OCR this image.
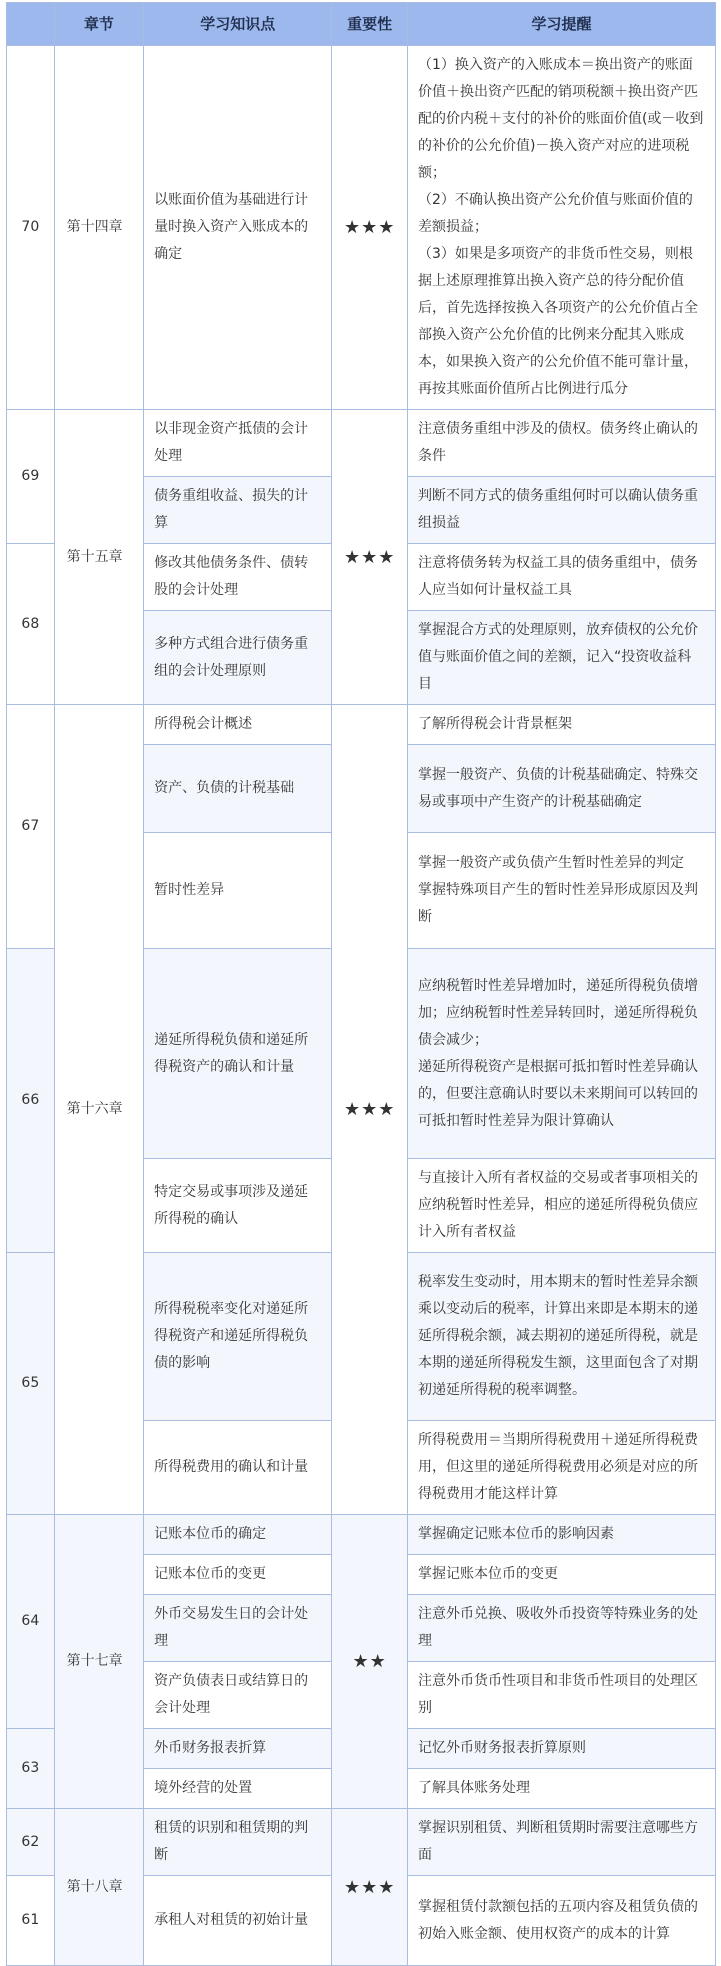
	章节	学习知识点	重要性	学习提醒
70	第十四章	以账面价值为基础进行计量时换入资产入账成本的确定	★★★	（1）换入资产的入账成本＝换出资产的账面价值＋换出资产匹配的销项税额＋换出资产匹配的价内税＋支付的补价的账面价值(或－收到的补价的公允价值)－换入资产对应的进项税额；
（2）不确认换出资产公允价值与账面价值的差额损益；
（3）如果是多项资产的非货币性交易，则根据上述原理推算出换入资产总的待分配价值后，首先选择按换入各项资产的公允价值占全部换入资产公允价值的比例来分配其入账成本，如果换入资产的公允价值不能可靠计量，再按其账面价值所占比例进行瓜分

69	第十五章	以非现金资产抵债的会计处理	★★★	注意债务重组中涉及的债权。债务终止确认的条件

		债务重组收益、损失的计算		判断不同方式的债务重组何时可以确认债务重组损益

68		修改其他债务条件、债转股的会计处理		注意将债务转为权益工具的债务重组中，债务人应当如何计量权益工具

		多种方式组合进行债务重组的会计处理原则		掌握混合方式的处理原则，放弃债权的公允价值与账面价值之间的差额，记入“投资收益科目

67	第十六章	所得税会计概述	★★★	了解所得税会计背景框架

		资产、负债的计税基础		掌握一般资产、负债的计税基础确定、特殊交易或事项中产生资产的计税基础确定

		暂时性差异		掌握一般资产或负债产生暂时性差异的判定
掌握特殊项目产生的暂时性差异形成原因及判断

66		递延所得税负债和递延所得税资产的确认和计量		应纳税暂时性差异增加时，递延所得税负债增加；应纳税暂时性差异转回时，递延所得税负债会减少；
递延所得税资产是根据可抵扣暂时性差异确认的，但要注意确认时要以未来期间可以转回的可抵扣暂时性差异为限计算确认

		特定交易或事项涉及递延所得税的确认		与直接计入所有者权益的交易或者事项相关的应纳税暂时性差异，相应的递延所得税负债应计入所有者权益

65		所得税税率变化对递延所得税资产和递延所得税负债的影响		税率发生变动时，用本期末的暂时性差异余额乘以变动后的税率，计算出来即是本期末的递延所得税余额，减去期初的递延所得税，就是本期的递延所得税发生额，这里面包含了对期初递延所得税的税率调整。

		所得税费用的确认和计量		所得税费用＝当期所得税费用＋递延所得税费用，但这里的递延所得税费用必须是对应的所得税费用才能这样计算

64	第十七章	记账本位币的确定	★★	掌握确定记账本位币的影响因素

		记账本位币的变更		掌握记账本位币的变更

		外币交易发生日的会计处理		注意外币兑换、吸收外币投资等特殊业务的处理

		资产负债表日或结算日的会计处理		注意外币货币性项目和非货币性项目的处理区别

63		外币财务报表折算		记忆外币财务报表折算原则

		境外经营的处置		了解具体账务处理

62	第十八章	租赁的识别和租赁期的判断	★★★	掌握识别租赁、判断租赁期时需要注意哪些方面

61		承租人对租赁的初始计量		掌握租赁付款额包括的五项内容及租赁负债的初始入账金额、使用权资产的成本的计算
